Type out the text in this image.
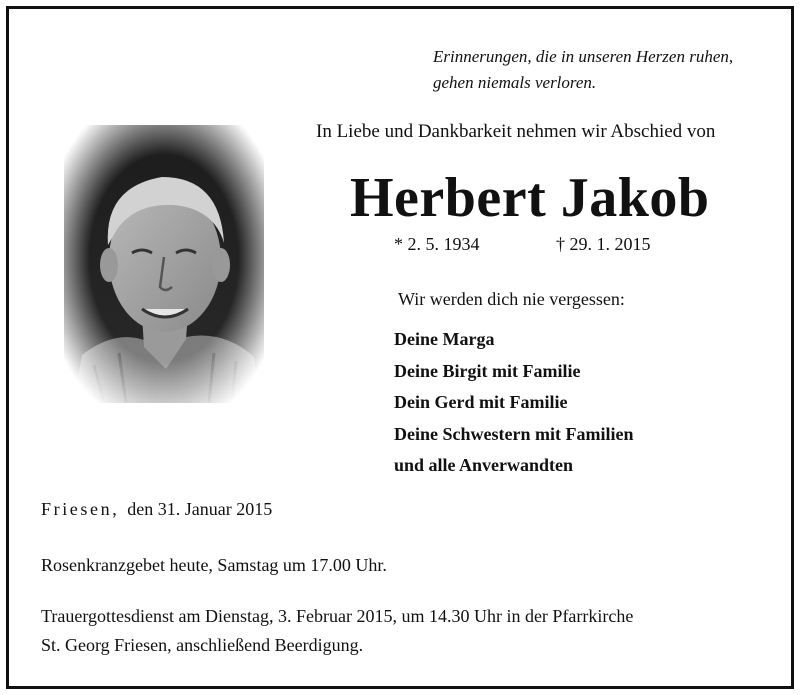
Erinnerungen, die in unseren Herzen ruhen,
gehen niemals verloren.
In Liebe und Dankbarkeit nehmen wir Abschied von
Herbert Jakob
* 2. 5. 1934	† 29. 1. 2015
Wir werden dich nie vergessen:
Deine Marga
Deine Birgit mit Familie
Dein Gerd mit Familie
Deine Schwestern mit Familien
und alle Anverwandten
Friesen, den 31. Januar 2015
Rosenkranzgebet heute, Samstag um 17.00 Uhr.
Trauergottesdienst am Dienstag, 3. Februar 2015, um 14.30 Uhr in der Pfarrkirche
St. Georg Friesen, anschließend Beerdigung.
